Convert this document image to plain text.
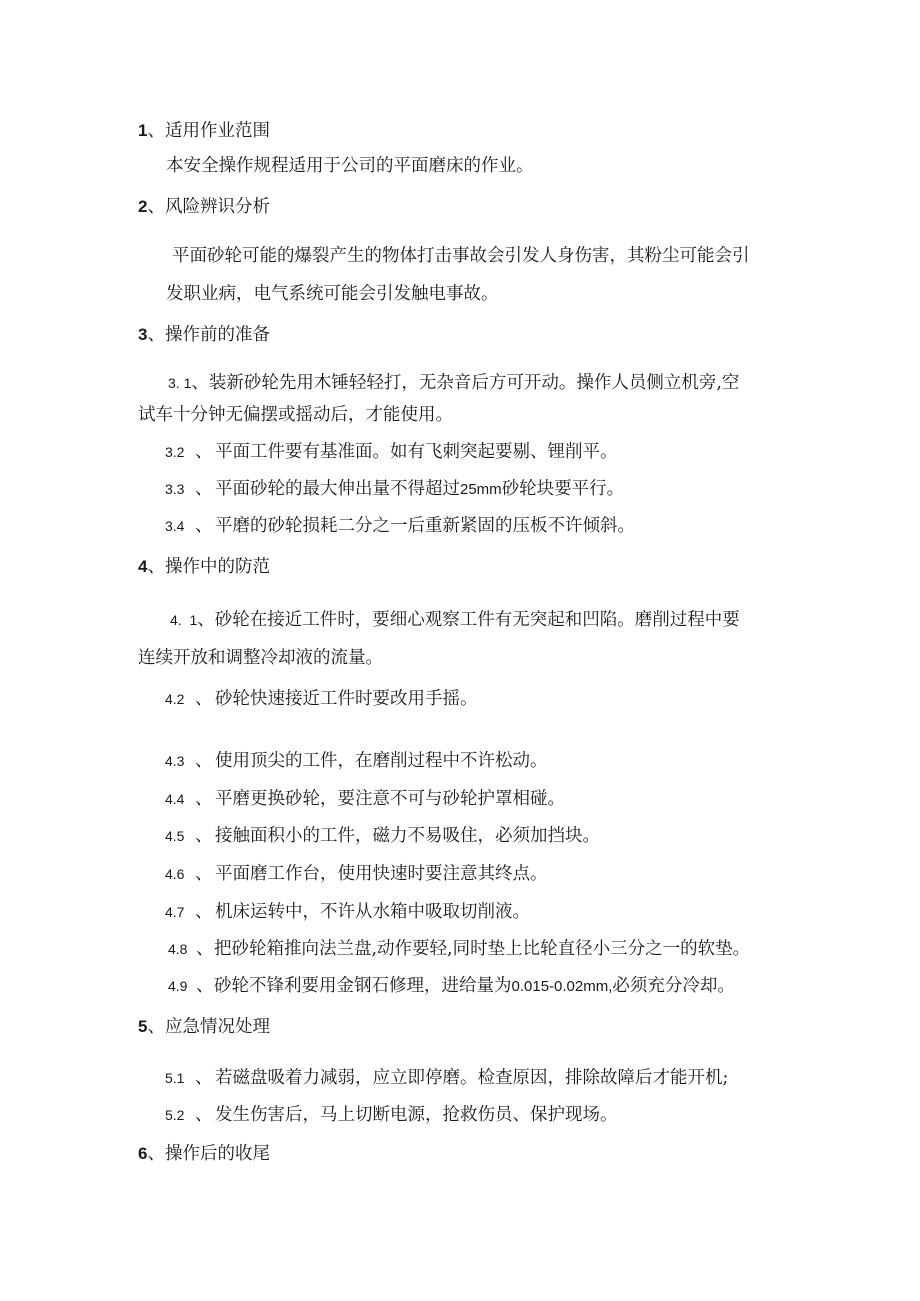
1、适用作业范围
本安全操作规程适用于公司的平面磨床的作业。
2、风险辨识分析
平面砂轮可能的爆裂产生的物体打击事故会引发人身伤害，其粉尘可能会引
发职业病，电气系统可能会引发触电事故。
3、操作前的准备
3. 1、装新砂轮先用木锤轻轻打，无杂音后方可开动。操作人员侧立机旁,空
试车十分钟无偏摆或摇动后，才能使用。
3.2 、 平面工件要有基准面。如有飞刺突起要剔、锂削平。
3.3 、 平面砂轮的最大伸出量不得超过25mm砂轮块要平行。
3.4 、 平磨的砂轮损耗二分之一后重新紧固的压板不许倾斜。
4、操作中的防范
4.  1、砂轮在接近工件时，要细心观察工件有无突起和凹陷。磨削过程中要
连续开放和调整冷却液的流量。
4.2 、 砂轮快速接近工件时要改用手摇。
4.3 、 使用顶尖的工件，在磨削过程中不许松动。
4.4 、 平磨更换砂轮，要注意不可与砂轮护罩相碰。
4.5 、 接触面积小的工件，磁力不易吸住，必须加挡块。
4.6 、 平面磨工作台，使用快速时要注意其终点。
4.7 、 机床运转中，不许从水箱中吸取切削液。
4.8 、把砂轮箱推向法兰盘,动作要轻,同时垫上比轮直径小三分之一的软垫。
4.9 、砂轮不锋利要用金钢石修理，进给量为0.015-0.02mm,必须充分冷却。
5、应急情况处理
5.1 、 若磁盘吸着力减弱，应立即停磨。检查原因，排除故障后才能开机;
5.2 、 发生伤害后，马上切断电源，抢救伤员、保护现场。
6、操作后的收尾
